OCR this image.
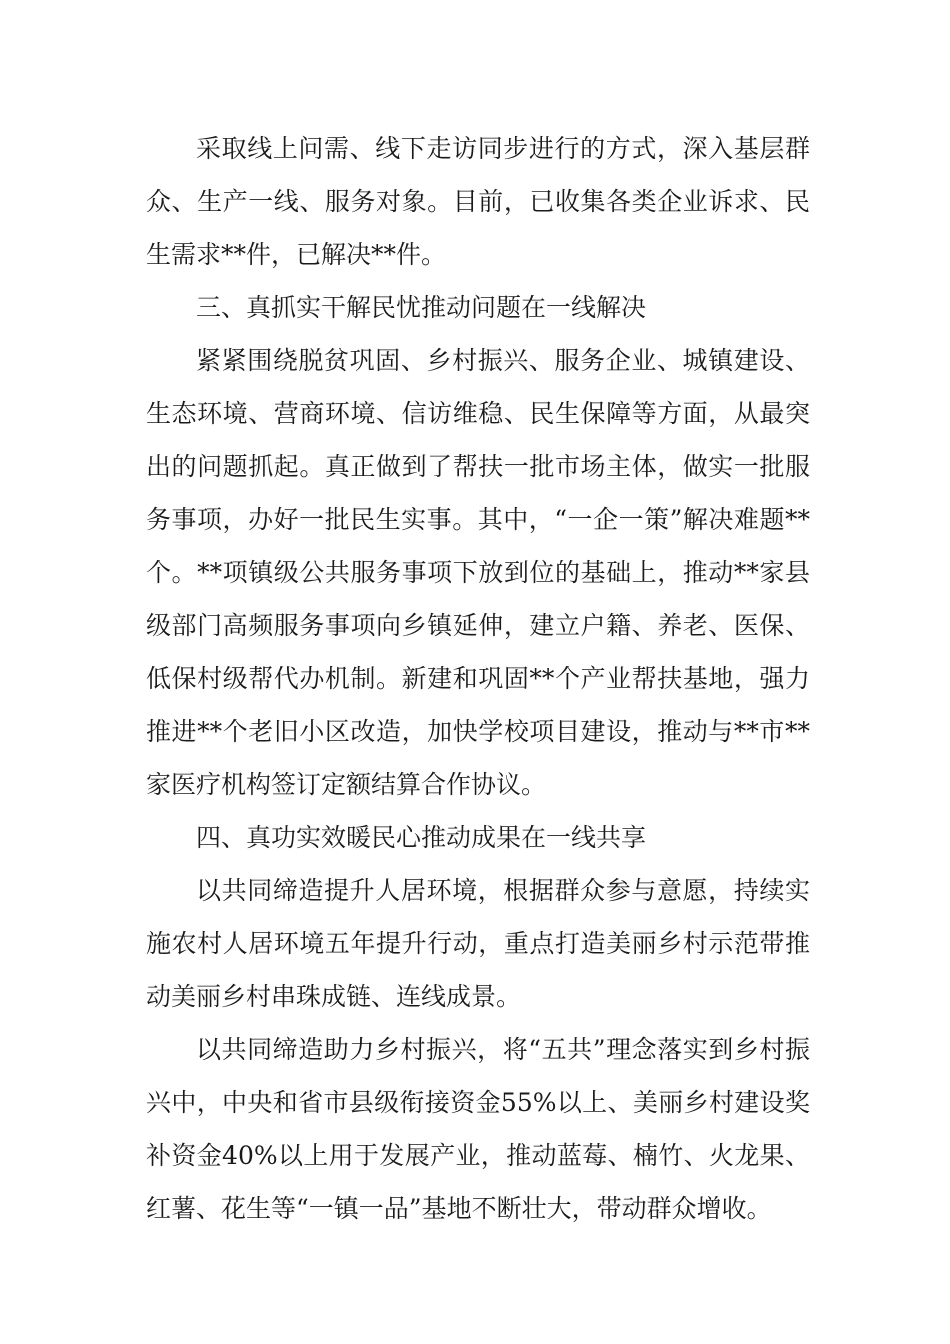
采取线上问需、线下走访同步进行的方式，深入基层群众、生产一线、服务对象。目前，已收集各类企业诉求、民生需求**件，已解决**件。

三、真抓实干解民忧推动问题在一线解决

紧紧围绕脱贫巩固、乡村振兴、服务企业、城镇建设、生态环境、营商环境、信访维稳、民生保障等方面，从最突出的问题抓起。真正做到了帮扶一批市场主体，做实一批服务事项，办好一批民生实事。其中，“一企一策”解决难题**个。**项镇级公共服务事项下放到位的基础上，推动**家县级部门高频服务事项向乡镇延伸，建立户籍、养老、医保、低保村级帮代办机制。新建和巩固**个产业帮扶基地，强力推进**个老旧小区改造，加快学校项目建设，推动与**市**家医疗机构签订定额结算合作协议。

四、真功实效暖民心推动成果在一线共享

以共同缔造提升人居环境，根据群众参与意愿，持续实施农村人居环境五年提升行动，重点打造美丽乡村示范带推动美丽乡村串珠成链、连线成景。

以共同缔造助力乡村振兴，将“五共”理念落实到乡村振兴中，中央和省市县级衔接资金55%以上、美丽乡村建设奖补资金40%以上用于发展产业，推动蓝莓、楠竹、火龙果、红薯、花生等“一镇一品”基地不断壮大，带动群众增收。
